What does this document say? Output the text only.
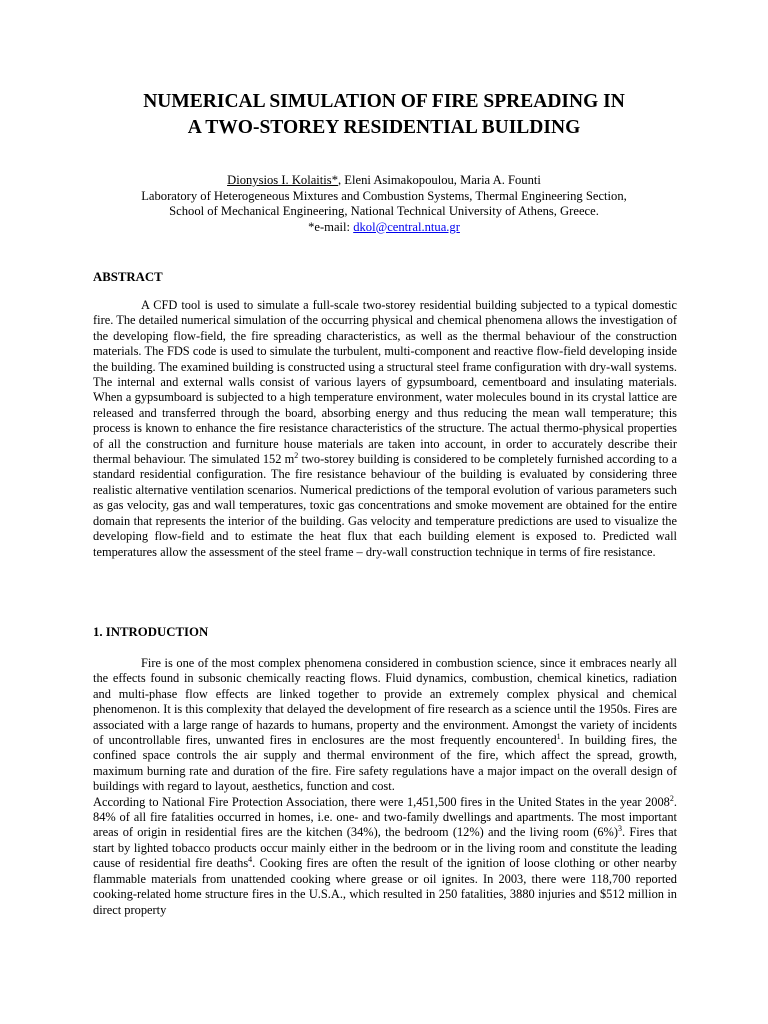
NUMERICAL SIMULATION OF FIRE SPREADING IN
A TWO-STOREY RESIDENTIAL BUILDING
Dionysios I. Kolaitis*, Eleni Asimakopoulou, Maria A. Founti
Laboratory of Heterogeneous Mixtures and Combustion Systems, Thermal Engineering Section,
School of Mechanical Engineering, National Technical University of Athens, Greece.
*e-mail: dkol@central.ntua.gr
ABSTRACT

A CFD tool is used to simulate a full-scale two-storey residential building subjected to a typical domestic fire. The detailed numerical simulation of the occurring physical and chemical phenomena allows the investigation of the developing flow-field, the fire spreading characteristics, as well as the thermal behaviour of the construction materials. The FDS code is used to simulate the turbulent, multi-component and reactive flow-field developing inside the building. The examined building is constructed using a structural steel frame configuration with dry-wall systems. The internal and external walls consist of various layers of gypsumboard, cementboard and insulating materials. When a gypsumboard is subjected to a high temperature environment, water molecules bound in its crystal lattice are released and transferred through the board, absorbing energy and thus reducing the mean wall temperature; this process is known to enhance the fire resistance characteristics of the structure. The actual thermo-physical properties of all the construction and furniture house materials are taken into account, in order to accurately describe their thermal behaviour. The simulated 152 $m^2$ two-storey building is considered to be completely furnished according to a standard residential configuration. The fire resistance behaviour of the building is evaluated by considering three realistic alternative ventilation scenarios. Numerical predictions of the temporal evolution of various parameters such as gas velocity, gas and wall temperatures, toxic gas concentrations and smoke movement are obtained for the entire domain that represents the interior of the building. Gas velocity and temperature predictions are used to visualize the developing flow-field and to estimate the heat flux that each building element is exposed to. Predicted wall temperatures allow the assessment of the steel frame – dry-wall construction technique in terms of fire resistance.

1. INTRODUCTION

Fire is one of the most complex phenomena considered in combustion science, since it embraces nearly all the effects found in subsonic chemically reacting flows. Fluid dynamics, combustion, chemical kinetics, radiation and multi-phase flow effects are linked together to provide an extremely complex physical and chemical phenomenon. It is this complexity that delayed the development of fire research as a science until the 1950s. Fires are associated with a large range of hazards to humans, property and the environment. Amongst the variety of incidents of uncontrollable fires, unwanted fires in enclosures are the most frequently encountered$^1$. In building fires, the confined space controls the air supply and thermal environment of the fire, which affect the spread, growth, maximum burning rate and duration of the fire. Fire safety regulations have a major impact on the overall design of buildings with regard to layout, aesthetics, function and cost.

According to National Fire Protection Association, there were 1,451,500 fires in the United States in the year 2008$^2$. 84% of all fire fatalities occurred in homes, i.e. one- and two-family dwellings and apartments. The most important areas of origin in residential fires are the kitchen (34%), the bedroom (12%) and the living room $(6\%)^3$. Fires that start by lighted tobacco products occur mainly either in the bedroom or in the living room and constitute the leading cause of residential fire deaths$^4$. Cooking fires are often the result of the ignition of loose clothing or other nearby flammable materials from unattended cooking where grease or oil ignites. In 2003, there were 118,700 reported cooking-related home structure fires in the U.S.A., which resulted in 250 fatalities, 3880 injuries and $512 million in direct property
